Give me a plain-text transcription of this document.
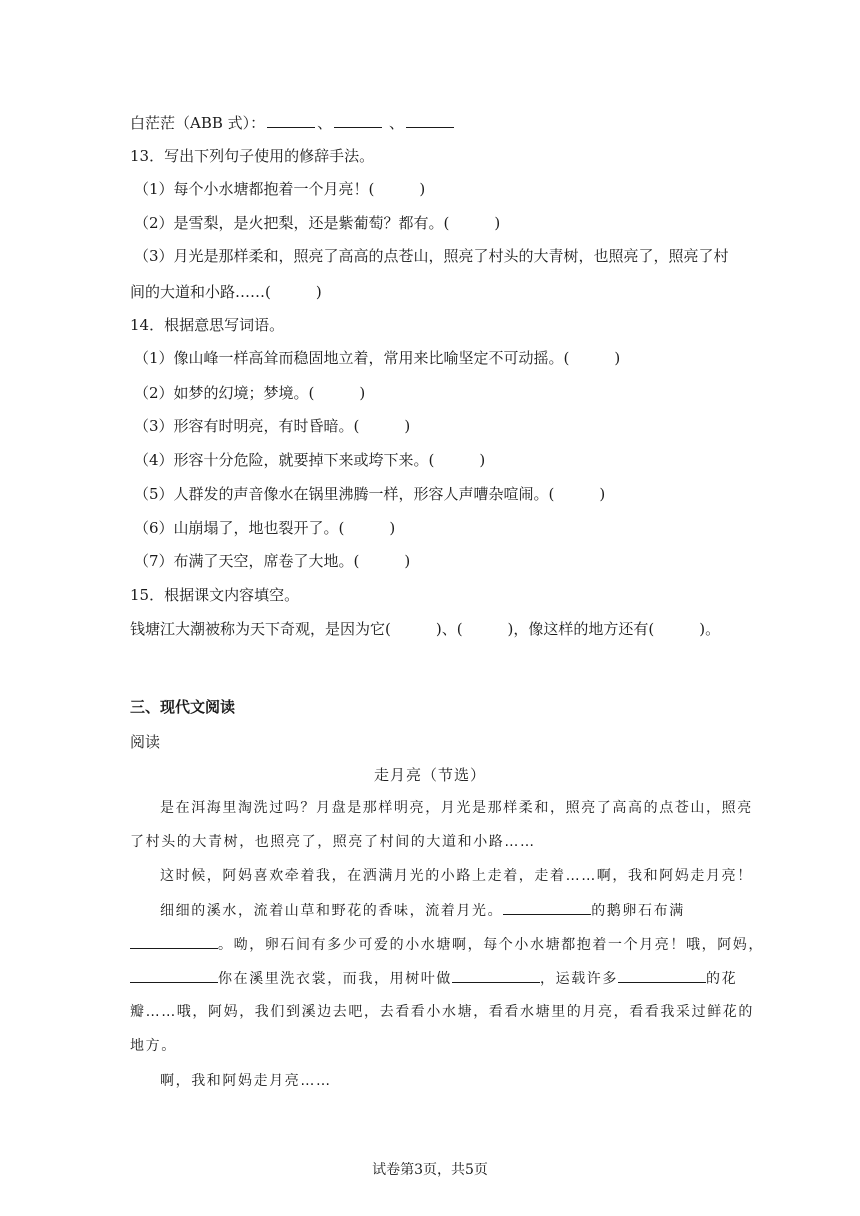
白茫茫（ABB 式）：	、	、
13．写出下列句子使用的修辞手法。
（1）每个小水塘都抱着一个月亮！(　　　)
（2）是雪梨，是火把梨，还是紫葡萄？都有。(　　　)
（3）月光是那样柔和，照亮了高高的点苍山，照亮了村头的大青树，也照亮了，照亮了村
间的大道和小路……(　　　)
14．根据意思写词语。
（1）像山峰一样高耸而稳固地立着，常用来比喻坚定不可动摇。(　　　)
（2）如梦的幻境；梦境。(　　　)
（3）形容有时明亮，有时昏暗。(　　　)
（4）形容十分危险，就要掉下来或垮下来。(　　　)
（5）人群发的声音像水在锅里沸腾一样，形容人声嘈杂喧闹。(　　　)
（6）山崩塌了，地也裂开了。(　　　)
（7）布满了天空，席卷了大地。(　　　)
15．根据课文内容填空。
钱塘江大潮被称为天下奇观，是因为它(　　　)、(　　　)，像这样的地方还有(　　　)。
三、现代文阅读
阅读
走月亮（节选）
是在洱海里淘洗过吗？月盘是那样明亮，月光是那样柔和，照亮了高高的点苍山，照亮
了村头的大青树，也照亮了，照亮了村间的大道和小路……
这时候，阿妈喜欢牵着我，在洒满月光的小路上走着，走着……啊，我和阿妈走月亮！
细细的溪水，流着山草和野花的香味，流着月光。	的鹅卵石布满
。呦，卵石间有多少可爱的小水塘啊，每个小水塘都抱着一个月亮！哦，阿妈，
你在溪里洗衣裳，而我，用树叶做	，运载许多	的花
瓣……哦，阿妈，我们到溪边去吧，去看看小水塘，看看水塘里的月亮，看看我采过鲜花的
地方。
啊，我和阿妈走月亮……
试卷第3页，共5页
